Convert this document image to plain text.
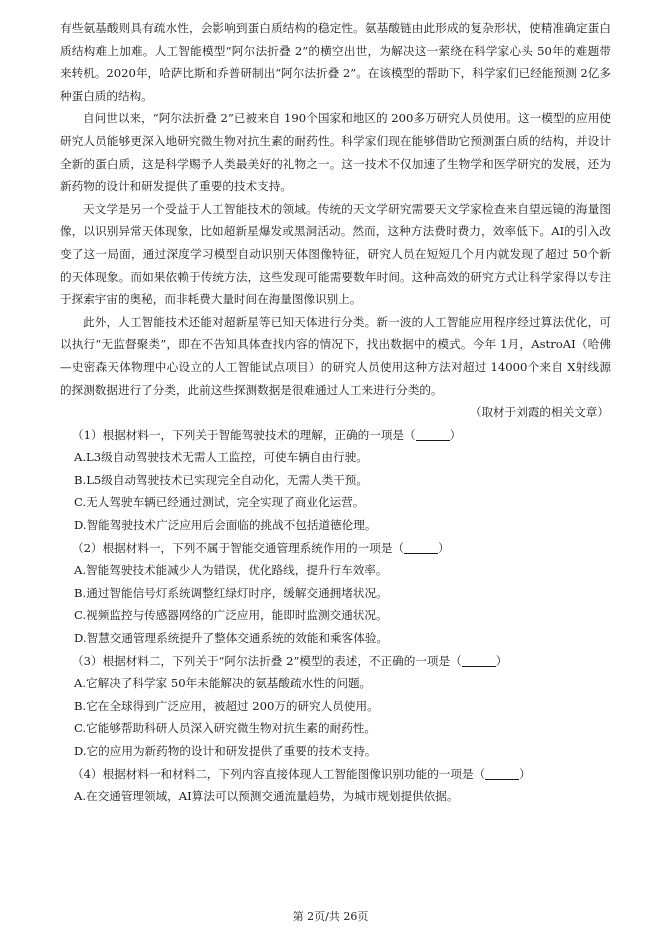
有些氨基酸则具有疏水性，会影响到蛋白质结构的稳定性。氨基酸链由此形成的复杂形状，使精准确定蛋白质结构难上加难。人工智能模型“阿尔法折叠 2”的横空出世，为解决这一萦绕在科学家心头 50年的难题带来转机。2020年，哈萨比斯和乔普研制出“阿尔法折叠 2”。在该模型的帮助下，科学家们已经能预测 2亿多种蛋白质的结构。

自问世以来，“阿尔法折叠 2”已被来自 190个国家和地区的 200多万研究人员使用。这一模型的应用使研究人员能够更深入地研究微生物对抗生素的耐药性。科学家们现在能够借助它预测蛋白质的结构，并设计全新的蛋白质，这是科学赐予人类最美好的礼物之一。这一技术不仅加速了生物学和医学研究的发展，还为新药物的设计和研发提供了重要的技术支持。

天文学是另一个受益于人工智能技术的领域。传统的天文学研究需要天文学家检查来自望远镜的海量图像，以识别异常天体现象，比如超新星爆发或黑洞活动。然而，这种方法费时费力，效率低下。AI的引入改变了这一局面，通过深度学习模型自动识别天体图像特征，研究人员在短短几个月内就发现了超过 50个新的天体现象。而如果依赖于传统方法，这些发现可能需要数年时间。这种高效的研究方式让科学家得以专注于探索宇宙的奥秘，而非耗费大量时间在海量图像识别上。

此外，人工智能技术还能对超新星等已知天体进行分类。新一波的人工智能应用程序经过算法优化，可以执行“无监督聚类”，即在不告知具体查找内容的情况下，找出数据中的模式。今年 1月，AstroAI（哈佛—史密森天体物理中心设立的人工智能试点项目）的研究人员使用这种方法对超过 14000个来自 X射线源的探测数据进行了分类，此前这些探测数据是很难通过人工来进行分类的。

（取材于刘霞的相关文章）

（1）根据材料一，下列关于智能驾驶技术的理解，正确的一项是（	）

A.L3级自动驾驶技术无需人工监控，可使车辆自由行驶。

B.L5级自动驾驶技术已实现完全自动化，无需人类干预。

C.无人驾驶车辆已经通过测试，完全实现了商业化运营。

D.智能驾驶技术广泛应用后会面临的挑战不包括道德伦理。

（2）根据材料一，下列不属于智能交通管理系统作用的一项是（	）

A.智能驾驶技术能减少人为错误，优化路线，提升行车效率。

B.通过智能信号灯系统调整红绿灯时序，缓解交通拥堵状况。

C.视频监控与传感器网络的广泛应用，能即时监测交通状况。

D.智慧交通管理系统提升了整体交通系统的效能和乘客体验。

（3）根据材料二，下列关于“阿尔法折叠 2”模型的表述，不正确的一项是（	）

A.它解决了科学家 50年未能解决的氨基酸疏水性的问题。

B.它在全球得到广泛应用，被超过 200万的研究人员使用。

C.它能够帮助科研人员深入研究微生物对抗生素的耐药性。

D.它的应用为新药物的设计和研发提供了重要的技术支持。

（4）根据材料一和材料二，下列内容直接体现人工智能图像识别功能的一项是（	）

A.在交通管理领域，AI算法可以预测交通流量趋势，为城市规划提供依据。

第 2页/共 26页
